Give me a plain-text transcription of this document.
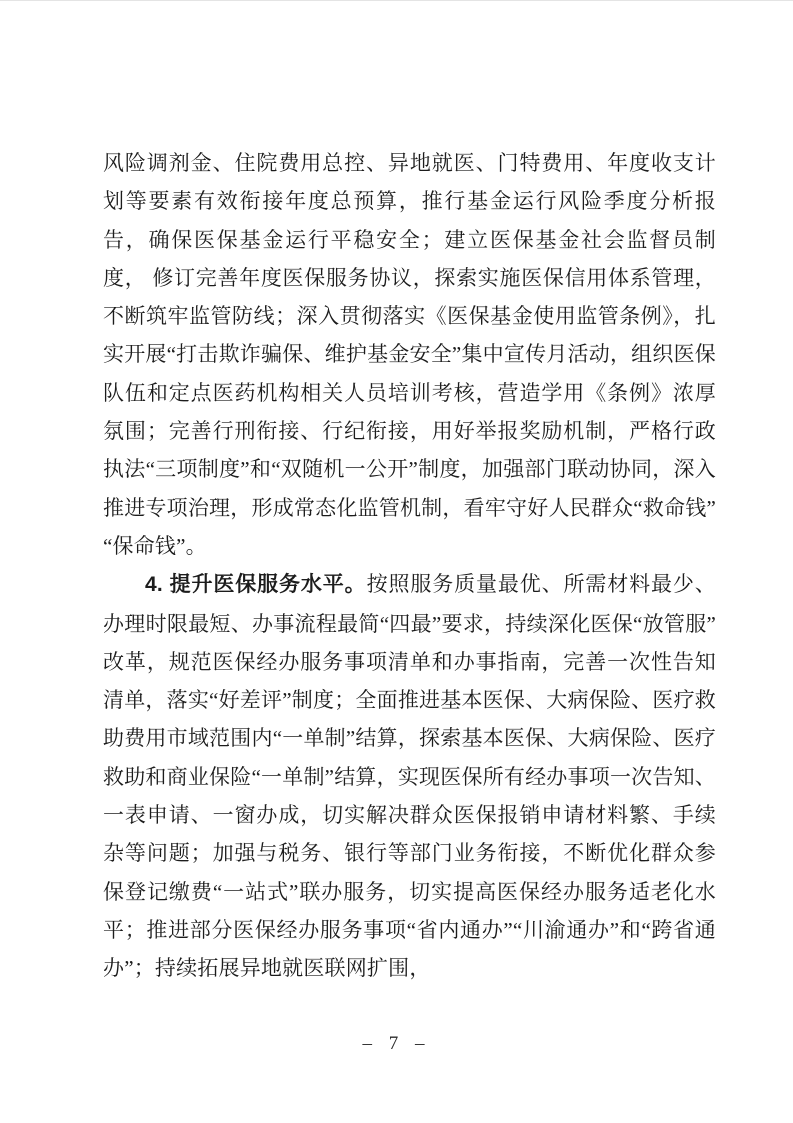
风险调剂金、住院费用总控、异地就医、门特费用、年度收支计划等要素有效衔接年度总预算，推行基金运行风险季度分析报告，确保医保基金运行平稳安全；建立医保基金社会监督员制度， 修订完善年度医保服务协议，探索实施医保信用体系管理，不断筑牢监管防线；深入贯彻落实《医保基金使用监管条例》，扎实开展“打击欺诈骗保、维护基金安全”集中宣传月活动，组织医保队伍和定点医药机构相关人员培训考核，营造学用《条例》浓厚氛围；完善行刑衔接、行纪衔接，用好举报奖励机制，严格行政执法“三项制度”和“双随机一公开”制度，加强部门联动协同，深入推进专项治理，形成常态化监管机制，看牢守好人民群众“救命钱”“保命钱”。

4. 提升医保服务水平。按照服务质量最优、所需材料最少、办理时限最短、办事流程最简“四最”要求，持续深化医保“放管服”改革，规范医保经办服务事项清单和办事指南，完善一次性告知清单，落实“好差评”制度；全面推进基本医保、大病保险、医疗救助费用市域范围内“一单制”结算，探索基本医保、大病保险、医疗救助和商业保险“一单制”结算，实现医保所有经办事项一次告知、一表申请、一窗办成，切实解决群众医保报销申请材料繁、手续杂等问题；加强与税务、银行等部门业务衔接，不断优化群众参保登记缴费“一站式”联办服务，切实提高医保经办服务适老化水平；推进部分医保经办服务事项“省内通办”“川渝通办”和“跨省通办”；持续拓展异地就医联网扩围，

– 7 –
